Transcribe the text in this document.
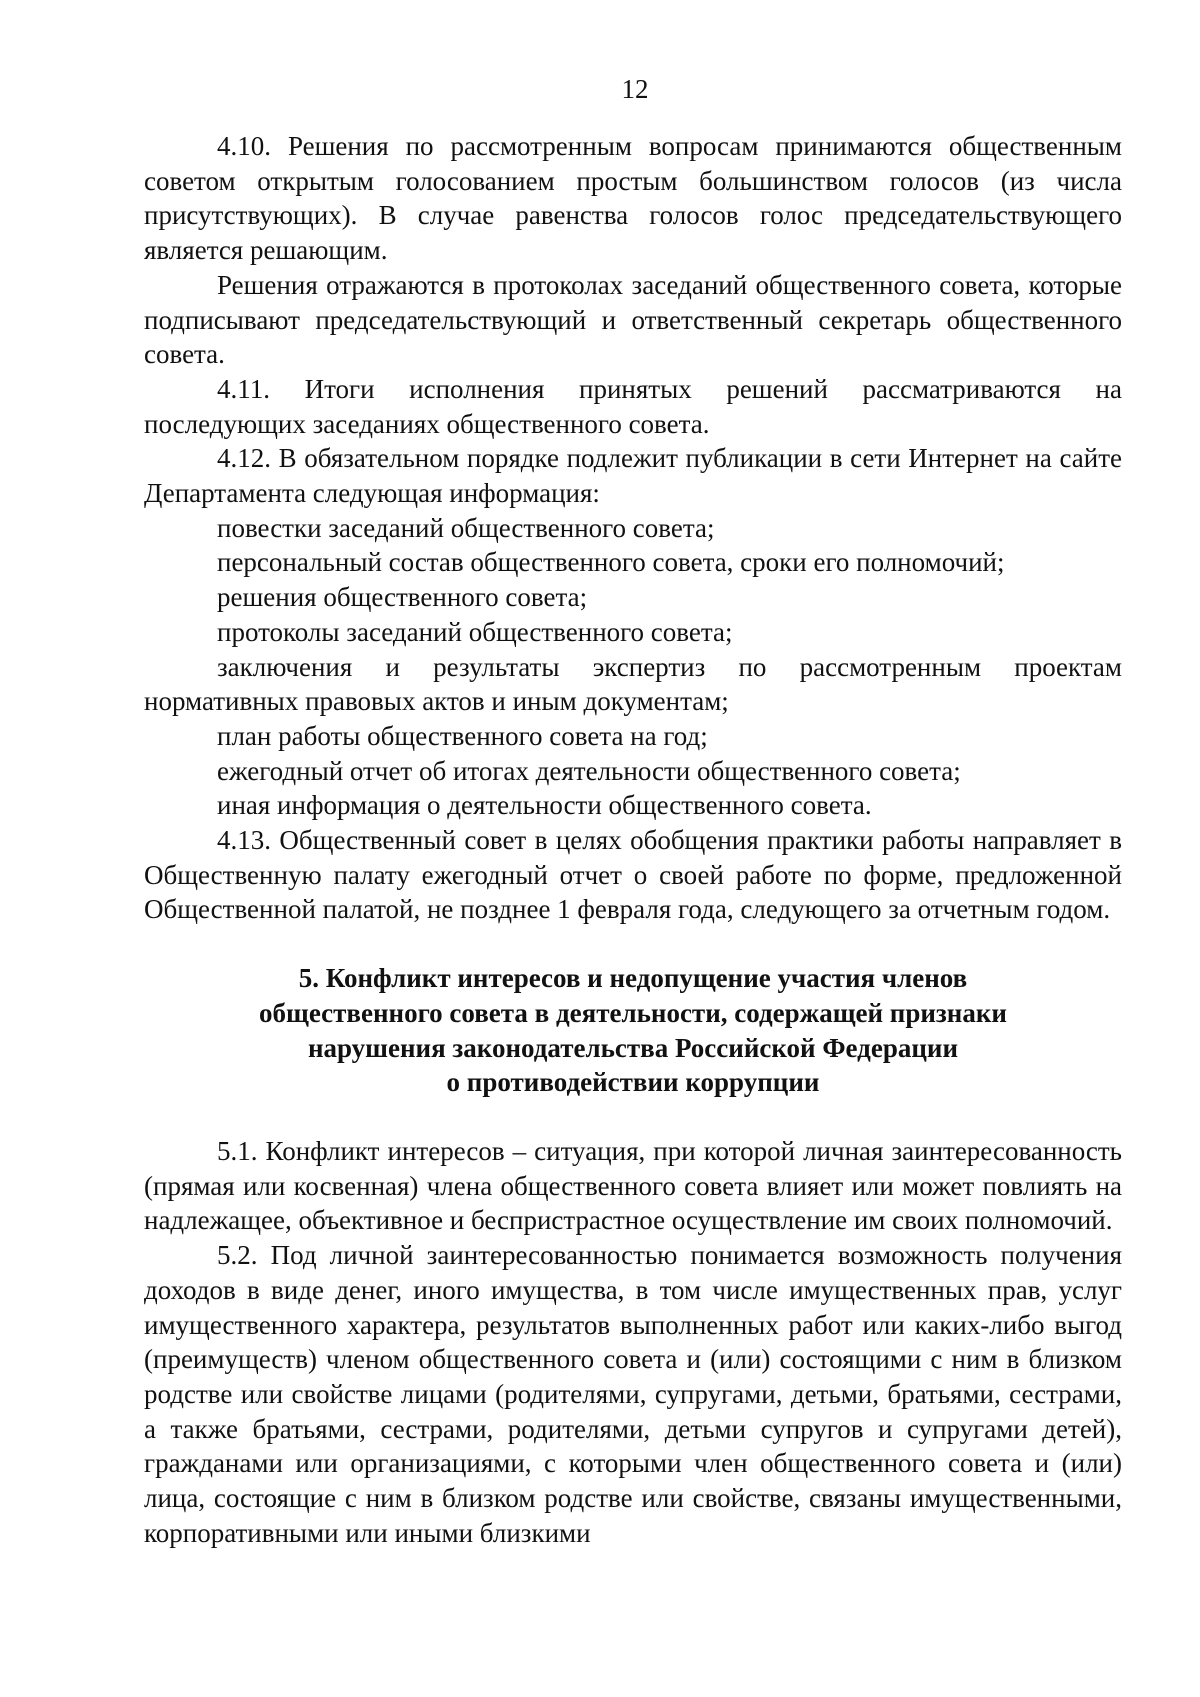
12

4.10. Решения по рассмотренным вопросам принимаются общественным советом открытым голосованием простым большинством голосов (из числа присутствующих). В случае равенства голосов голос председательствующего является решающим.

Решения отражаются в протоколах заседаний общественного совета, которые подписывают председательствующий и ответственный секретарь общественного совета.

4.11. Итоги исполнения принятых решений рассматриваются на последующих заседаниях общественного совета.

4.12. В обязательном порядке подлежит публикации в сети Интернет на сайте Департамента следующая информация:

повестки заседаний общественного совета;

персональный состав общественного совета, сроки его полномочий;

решения общественного совета;

протоколы заседаний общественного совета;

заключения и результаты экспертиз по рассмотренным проектам нормативных правовых актов и иным документам;

план работы общественного совета на год;

ежегодный отчет об итогах деятельности общественного совета;

иная информация о деятельности общественного совета.

4.13. Общественный совет в целях обобщения практики работы направляет в Общественную палату ежегодный отчет о своей работе по форме, предложенной Общественной палатой, не позднее 1 февраля года, следующего за отчетным годом.

5. Конфликт интересов и недопущение участия членов
общественного совета в деятельности, содержащей признаки
нарушения законодательства Российской Федерации
о противодействии коррупции

5.1. Конфликт интересов – ситуация, при которой личная заинтересованность (прямая или косвенная) члена общественного совета влияет или может повлиять на надлежащее, объективное и беспристрастное осуществление им своих полномочий.

5.2. Под личной заинтересованностью понимается возможность получения доходов в виде денег, иного имущества, в том числе имущественных прав, услуг имущественного характера, результатов выполненных работ или каких-либо выгод (преимуществ) членом общественного совета и (или) состоящими с ним в близком родстве или свойстве лицами (родителями, супругами, детьми, братьями, сестрами, а также братьями, сестрами, родителями, детьми супругов и супругами детей), гражданами или организациями, с которыми член общественного совета и (или) лица, состоящие с ним в близком родстве или свойстве, связаны имущественными, корпоративными или иными близкими
